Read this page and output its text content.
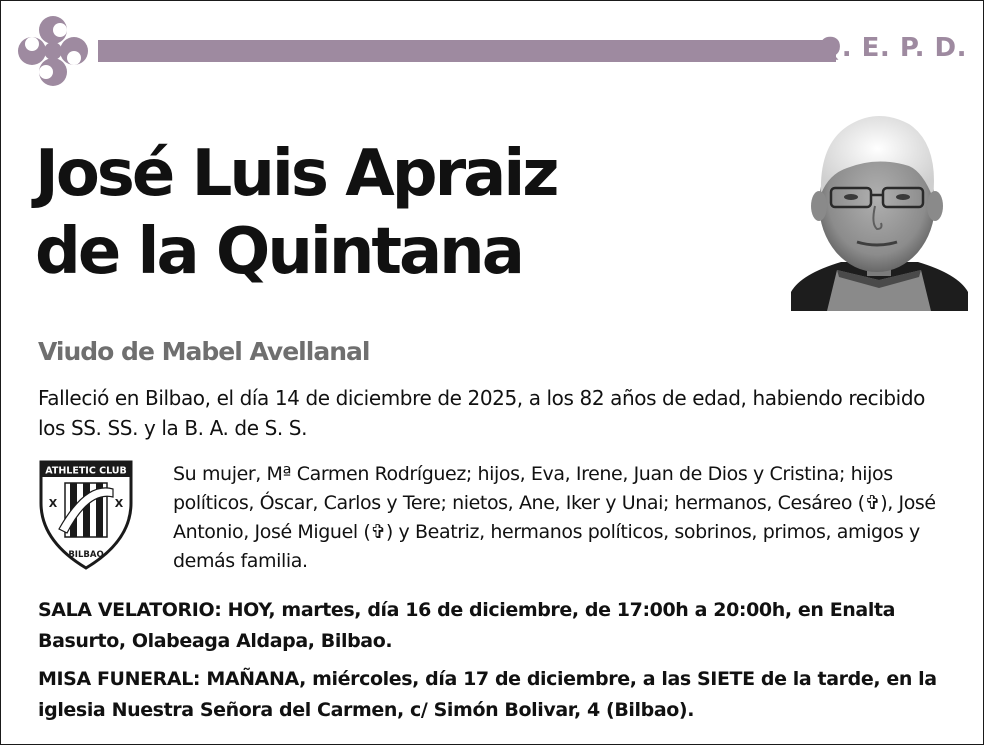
Q. E. P. D.
José Luis Apraiz
de la Quintana
Viudo de Mabel Avellanal

Falleció en Bilbao, el día 14 de diciembre de 2025, a los 82 años de edad, habiendo recibido los SS. SS. y la B. A. de S. S.

ATHLETIC CLUB
X	X
BILBAO

Su mujer, Mª Carmen Rodríguez; hijos, Eva, Irene, Juan de Dios y Cristina; hijos políticos, Óscar, Carlos y Tere; nietos, Ane, Iker y Unai; hermanos, Cesáreo (✞), José Antonio, José Miguel (✞) y Beatriz, hermanos políticos, sobrinos, primos, amigos y demás familia.

SALA VELATORIO: HOY, martes, día 16 de diciembre, de 17:00h a 20:00h, en Enalta Basurto, Olabeaga Aldapa, Bilbao.

MISA FUNERAL: MAÑANA, miércoles, día 17 de diciembre, a las SIETE de la tarde, en la iglesia Nuestra Señora del Carmen, c/ Simón Bolivar, 4 (Bilbao).
